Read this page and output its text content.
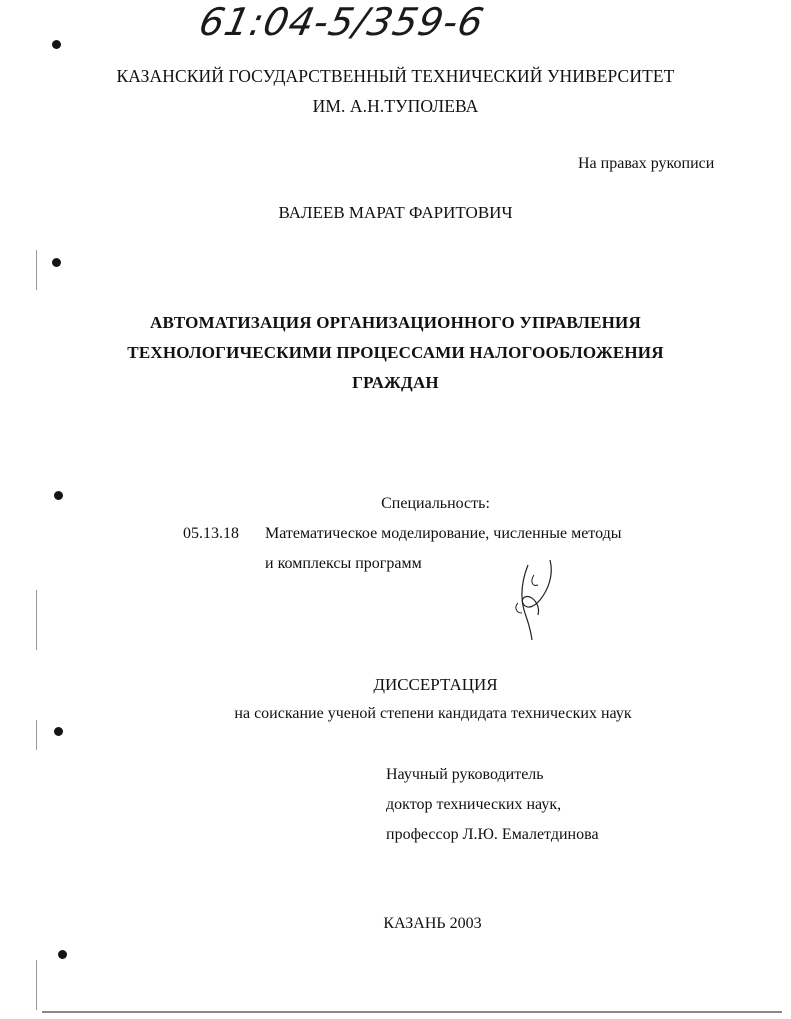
61:04-5/359-6
КАЗАНСКИЙ ГОСУДАРСТВЕННЫЙ ТЕХНИЧЕСКИЙ УНИВЕРСИТЕТ
ИМ. А.Н.ТУПОЛЕВА
На правах рукописи
ВАЛЕЕВ МАРАТ ФАРИТОВИЧ
АВТОМАТИЗАЦИЯ ОРГАНИЗАЦИОННОГО УПРАВЛЕНИЯ
ТЕХНОЛОГИЧЕСКИМИ ПРОЦЕССАМИ НАЛОГООБЛОЖЕНИЯ
ГРАЖДАН
Специальность:
05.13.18 Математическое моделирование, численные методы
и комплексы программ
ДИССЕРТАЦИЯ
на соискание ученой степени кандидата технических наук
Научный руководитель
доктор технических наук,
профессор Л.Ю. Емалетдинова
КАЗАНЬ 2003
